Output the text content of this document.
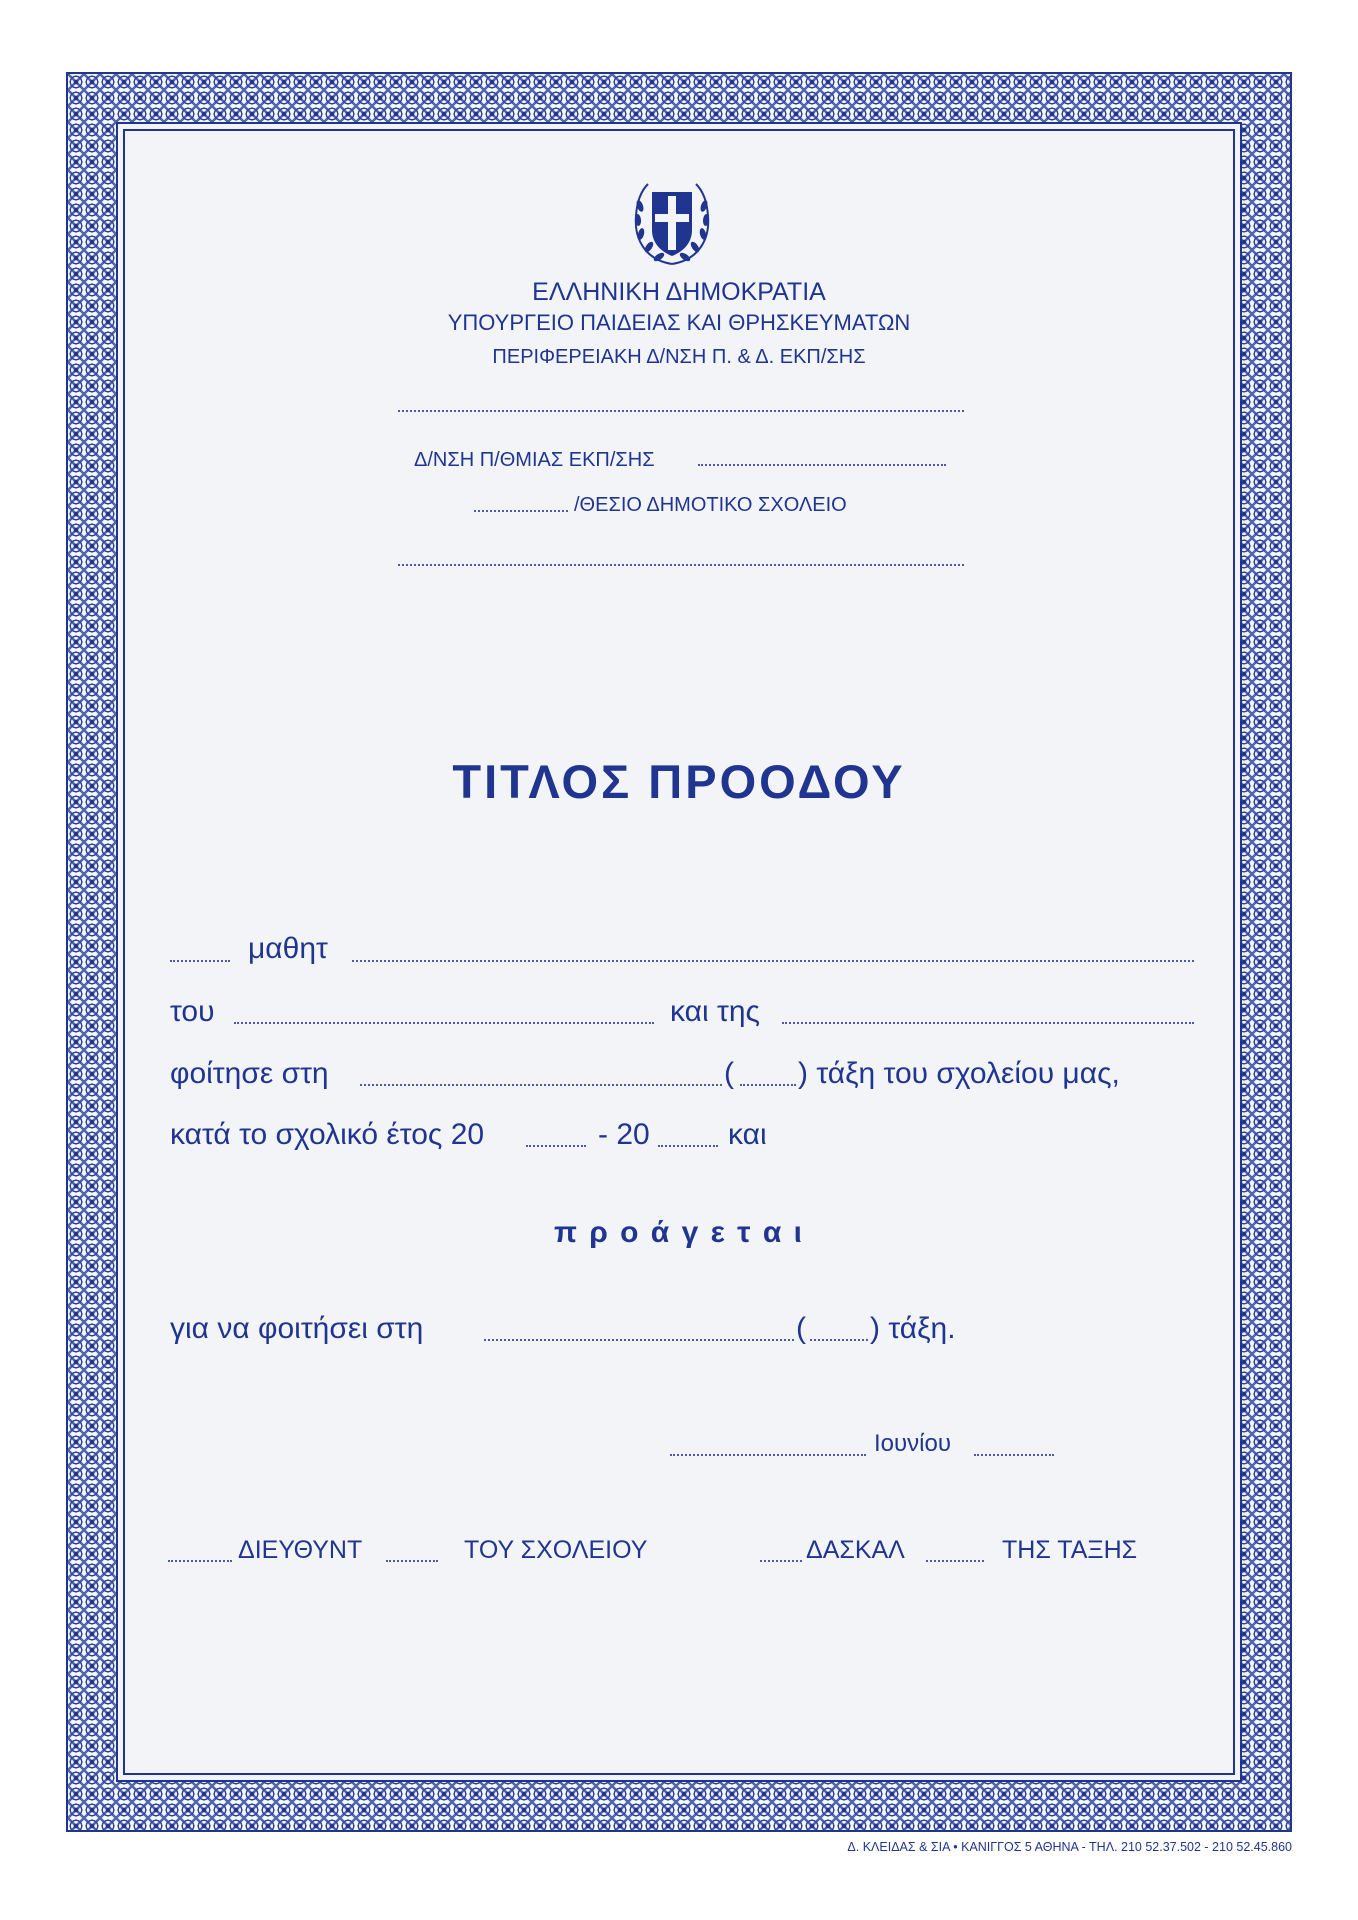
ΕΛΛΗΝΙΚΗ ΔΗΜΟΚΡΑΤΙΑ
ΥΠΟΥΡΓΕΙΟ ΠΑΙΔΕΙΑΣ ΚΑΙ ΘΡΗΣΚΕΥΜΑΤΩΝ
ΠΕΡΙΦΕΡΕΙΑΚΗ Δ/ΝΣΗ Π. & Δ. ΕΚΠ/ΣΗΣ
Δ/ΝΣΗ Π/ΘΜΙΑΣ ΕΚΠ/ΣΗΣ
/ΘΕΣΙΟ ΔΗΜΟΤΙΚΟ ΣΧΟΛΕΙΟ
ΤΙΤΛΟΣ ΠΡΟΟΔΟΥ
μαθητ
του	και της
φοίτησε στη	( ) τάξη του σχολείου μας,
κατά το σχολικό έτος 20	- 20	και
π ρ ο ά γ ε τ α ι
για να φοιτήσει στη	( ) τάξη.
Ιουνίου
ΔΙΕΥΘΥΝΤ	ΤΟΥ ΣΧΟΛΕΙΟΥ	ΔΑΣΚΑΛ	ΤΗΣ ΤΑΞΗΣ
Δ. ΚΛΕΙΔΑΣ & ΣΙΑ • ΚΑΝΙΓΓΟΣ 5 ΑΘΗΝΑ - ΤΗΛ. 210 52.37.502 - 210 52.45.860
